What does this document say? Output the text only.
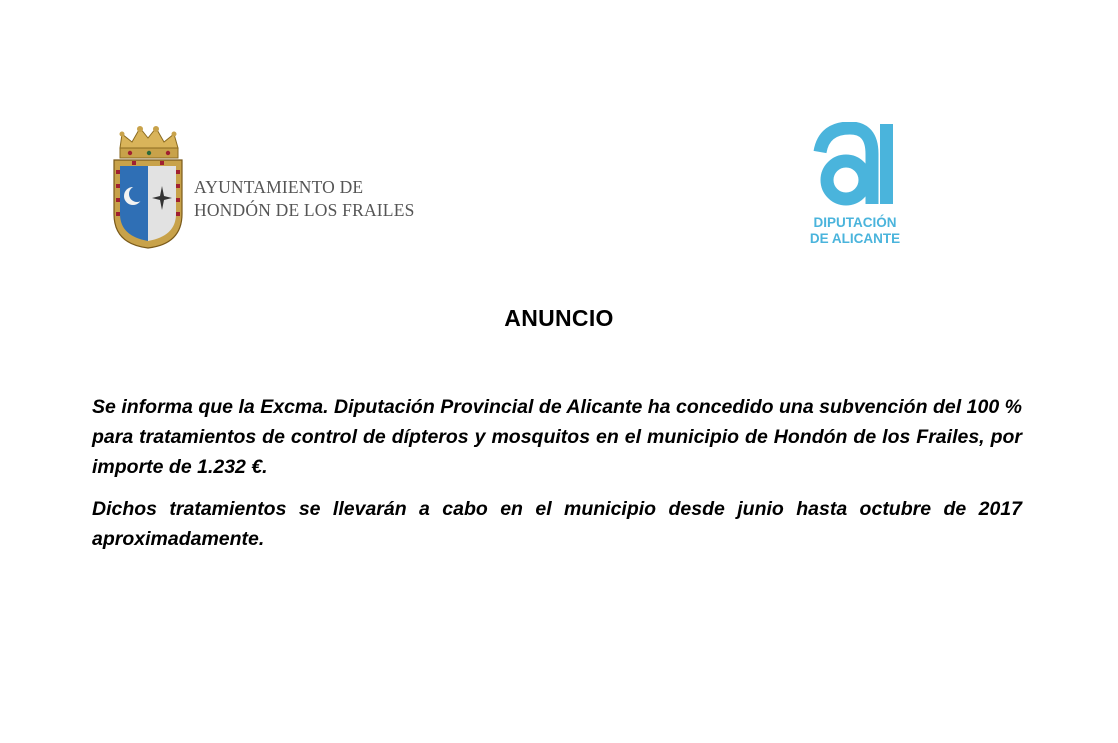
AYUNTAMIENTO DE
HONDÓN DE LOS FRAILES
DIPUTACIÓN
DE ALICANTE
ANUNCIO

Se informa que la Excma. Diputación Provincial de Alicante ha concedido una subvención del 100 % para tratamientos de control de dípteros y mosquitos en el municipio de Hondón de los Frailes, por importe de 1.232 €.

Dichos tratamientos se llevarán a cabo en el municipio desde junio hasta octubre de 2017 aproximadamente.
